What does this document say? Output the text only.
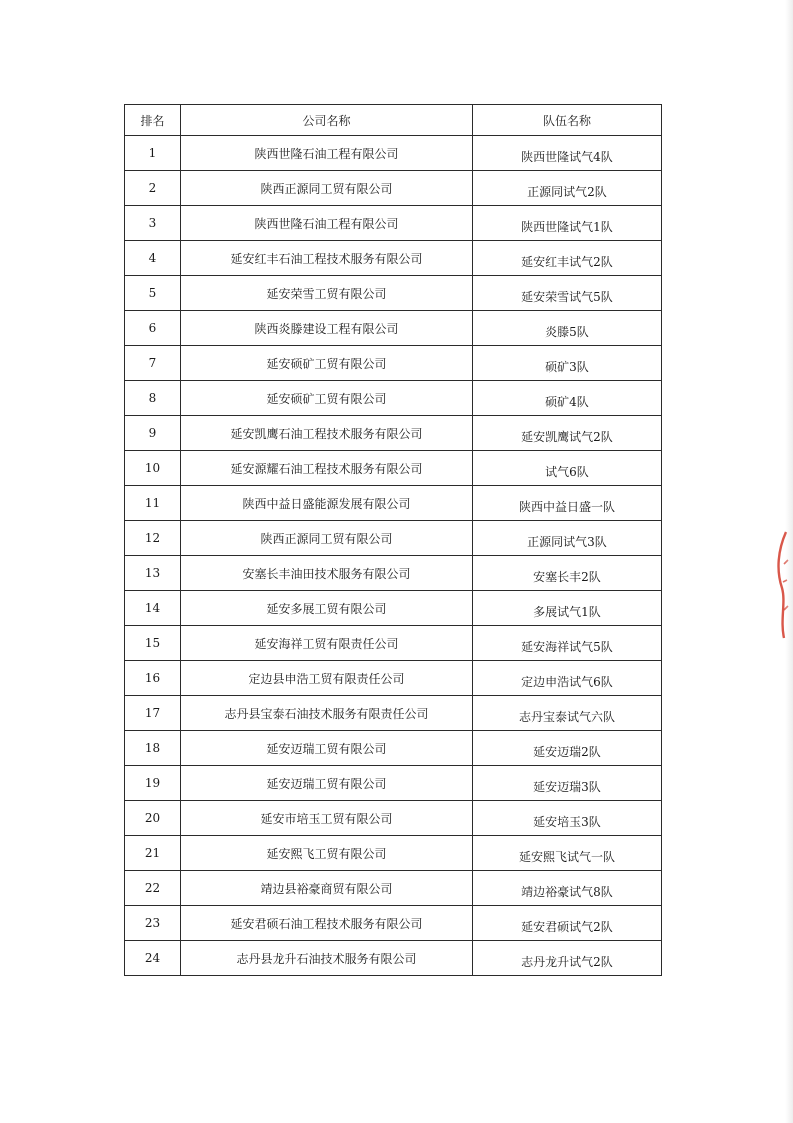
排名	公司名称	队伍名称
1	陕西世隆石油工程有限公司	陕西世隆试气4队
2	陕西正源同工贸有限公司	正源同试气2队
3	陕西世隆石油工程有限公司	陕西世隆试气1队
4	延安红丰石油工程技术服务有限公司	延安红丰试气2队
5	延安荣雪工贸有限公司	延安荣雪试气5队
6	陕西炎滕建设工程有限公司	炎滕5队
7	延安硕矿工贸有限公司	硕矿3队
8	延安硕矿工贸有限公司	硕矿4队
9	延安凯鹰石油工程技术服务有限公司	延安凯鹰试气2队
10	延安源耀石油工程技术服务有限公司	试气6队
11	陕西中益日盛能源发展有限公司	陕西中益日盛一队
12	陕西正源同工贸有限公司	正源同试气3队
13	安塞长丰油田技术服务有限公司	安塞长丰2队
14	延安多展工贸有限公司	多展试气1队
15	延安海祥工贸有限责任公司	延安海祥试气5队
16	定边县申浩工贸有限责任公司	定边申浩试气6队
17	志丹县宝泰石油技术服务有限责任公司	志丹宝泰试气六队
18	延安迈瑞工贸有限公司	延安迈瑞2队
19	延安迈瑞工贸有限公司	延安迈瑞3队
20	延安市培玉工贸有限公司	延安培玉3队
21	延安熙飞工贸有限公司	延安熙飞试气一队
22	靖边县裕豪商贸有限公司	靖边裕豪试气8队
23	延安君硕石油工程技术服务有限公司	延安君硕试气2队
24	志丹县龙升石油技术服务有限公司	志丹龙升试气2队
